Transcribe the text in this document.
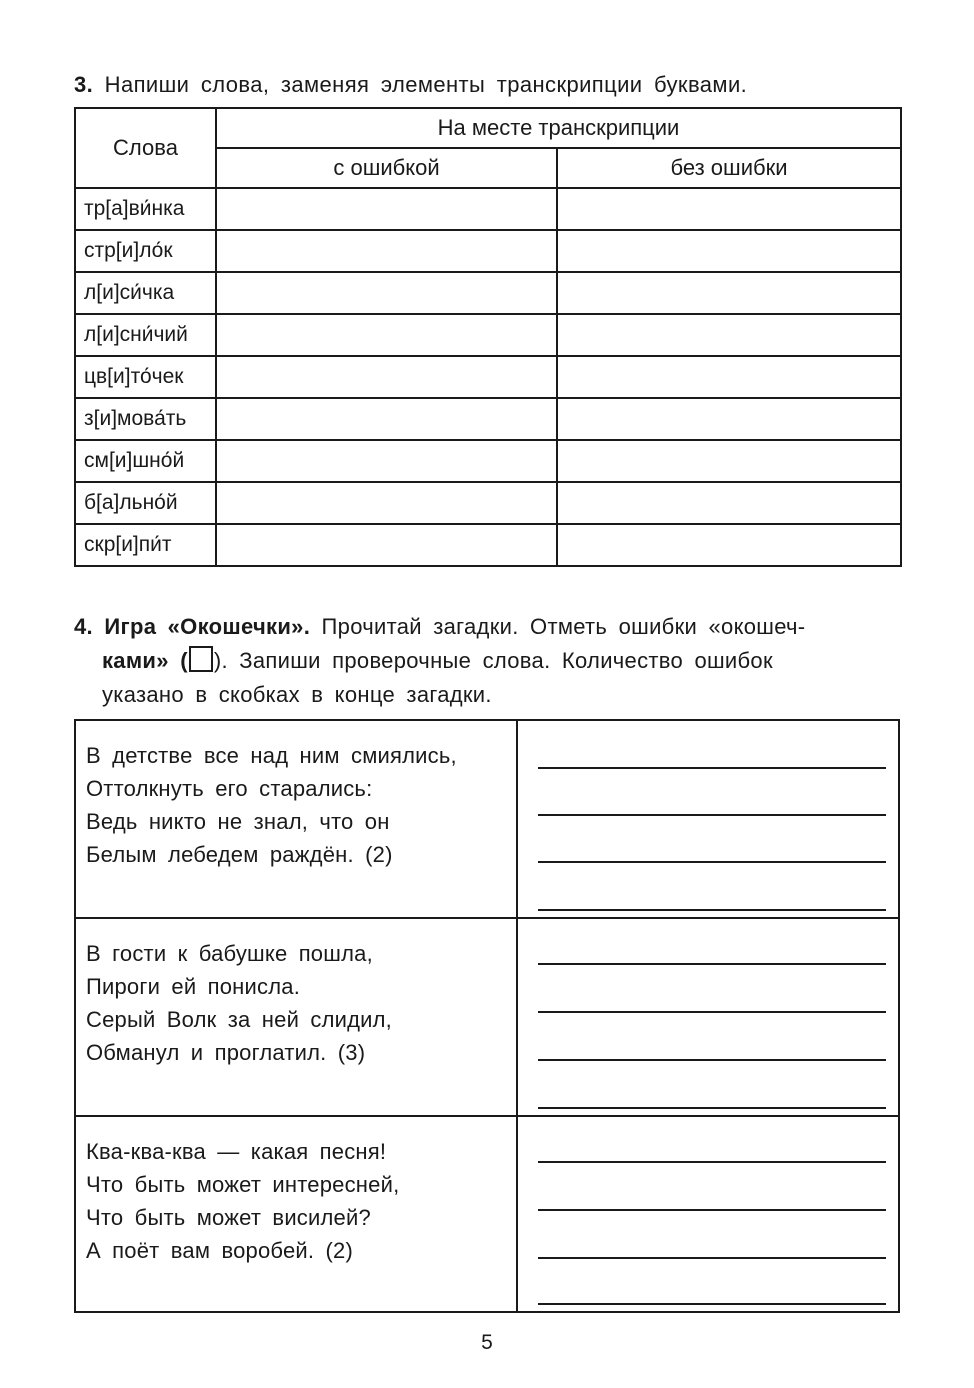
3. Напиши слова, заменяя элементы транскрипции буквами.
Слова	На месте транскрипции	
	с ошибкой	без ошибки
тр[а]ви́нка		
стр[и]ло́к		
л[и]си́чка		
л[и]сни́чий		
цв[и]то́чек		
з[и]мова́ть		
см[и]шно́й		
б[а]льно́й		
скр[и]пи́т		
4. Игра «Окошечки». Прочитай загадки. Отметь ошибки «окошеч-
ками» ( ). Запиши проверочные слова. Количество ошибок
указано в скобках в конце загадки.
В детстве все над ним смиялись,
Оттолкнуть его старались:
Ведь никто не знал, что он
Белым лебедем раждён. (2)
В гости к бабушке пошла,
Пироги ей понисла.
Серый Волк за ней слидил,
Обманул и проглатил. (3)
Ква-ква-ква — какая песня!
Что быть может интересней,
Что быть может висилей?
А поёт вам воробей. (2)
5
